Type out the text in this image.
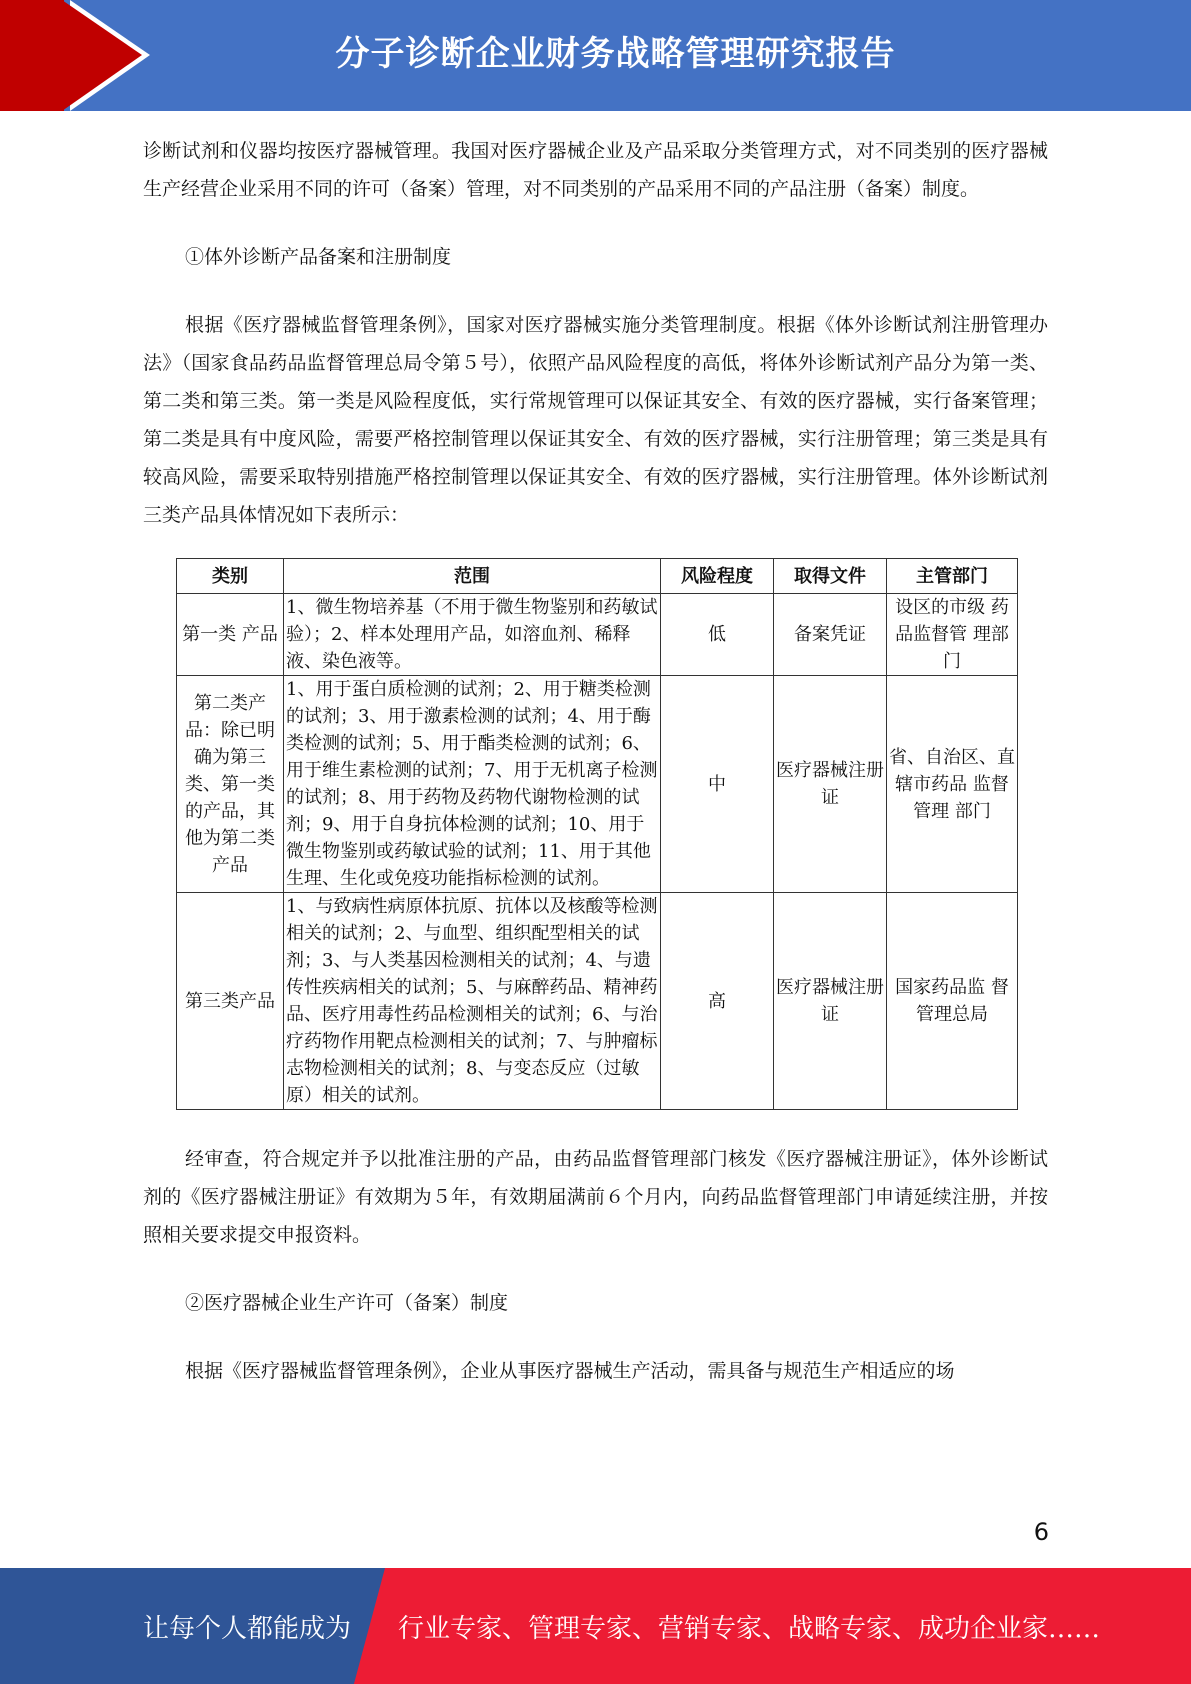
分子诊断企业财务战略管理研究报告

诊断试剂和仪器均按医疗器械管理。我国对医疗器械企业及产品采取分类管理方式，对不同类别的医疗器械生产经营企业采用不同的许可（备案）管理，对不同类别的产品采用不同的产品注册（备案）制度。

①体外诊断产品备案和注册制度

根据《医疗器械监督管理条例》，国家对医疗器械实施分类管理制度。根据《体外诊断试剂注册管理办法》（国家食品药品监督管理总局令第５号），依照产品风险程度的高低，将体外诊断试剂产品分为第一类、第二类和第三类。第一类是风险程度低，实行常规管理可以保证其安全、有效的医疗器械，实行备案管理；第二类是具有中度风险，需要严格控制管理以保证其安全、有效的医疗器械，实行注册管理；第三类是具有较高风险，需要采取特别措施严格控制管理以保证其安全、有效的医疗器械，实行注册管理。体外诊断试剂三类产品具体情况如下表所示：

类别	范围	风险程度	取得文件	主管部门
第一类 产品	1、微生物培养基（不用于微生物鉴别和药敏试验）；2、样本处理用产品，如溶血剂、稀释液、染色液等。	低	备案凭证	设区的市级 药品监督管 理部门
第二类产品：除已明确为第三类、第一类的产品，其他为第二类产品	1、用于蛋白质检测的试剂；2、用于糖类检测的试剂；3、用于激素检测的试剂；4、用于酶类检测的试剂；5、用于酯类检测的试剂；6、用于维生素检测的试剂；7、用于无机离子检测的试剂；8、用于药物及药物代谢物检测的试剂；9、用于自身抗体检测的试剂；10、用于微生物鉴别或药敏试验的试剂；11、用于其他生理、生化或免疫功能指标检测的试剂。	中	医疗器械注册证	省、自治区、直辖市药品 监督管理 部门
第三类产品	1、与致病性病原体抗原、抗体以及核酸等检测相关的试剂；2、与血型、组织配型相关的试剂；3、与人类基因检测相关的试剂；4、与遗传性疾病相关的试剂；5、与麻醉药品、精神药品、医疗用毒性药品检测相关的试剂；6、与治疗药物作用靶点检测相关的试剂；7、与肿瘤标志物检测相关的试剂；8、与变态反应（过敏原）相关的试剂。	高	医疗器械注册证	国家药品监 督管理总局

经审查，符合规定并予以批准注册的产品，由药品监督管理部门核发《医疗器械注册证》，体外诊断试剂的《医疗器械注册证》有效期为５年，有效期届满前６个月内，向药品监督管理部门申请延续注册，并按照相关要求提交申报资料。

②医疗器械企业生产许可（备案）制度

根据《医疗器械监督管理条例》，企业从事医疗器械生产活动，需具备与规范生产相适应的场

6
让每个人都能成为 行业专家、管理专家、营销专家、战略专家、成功企业家……
